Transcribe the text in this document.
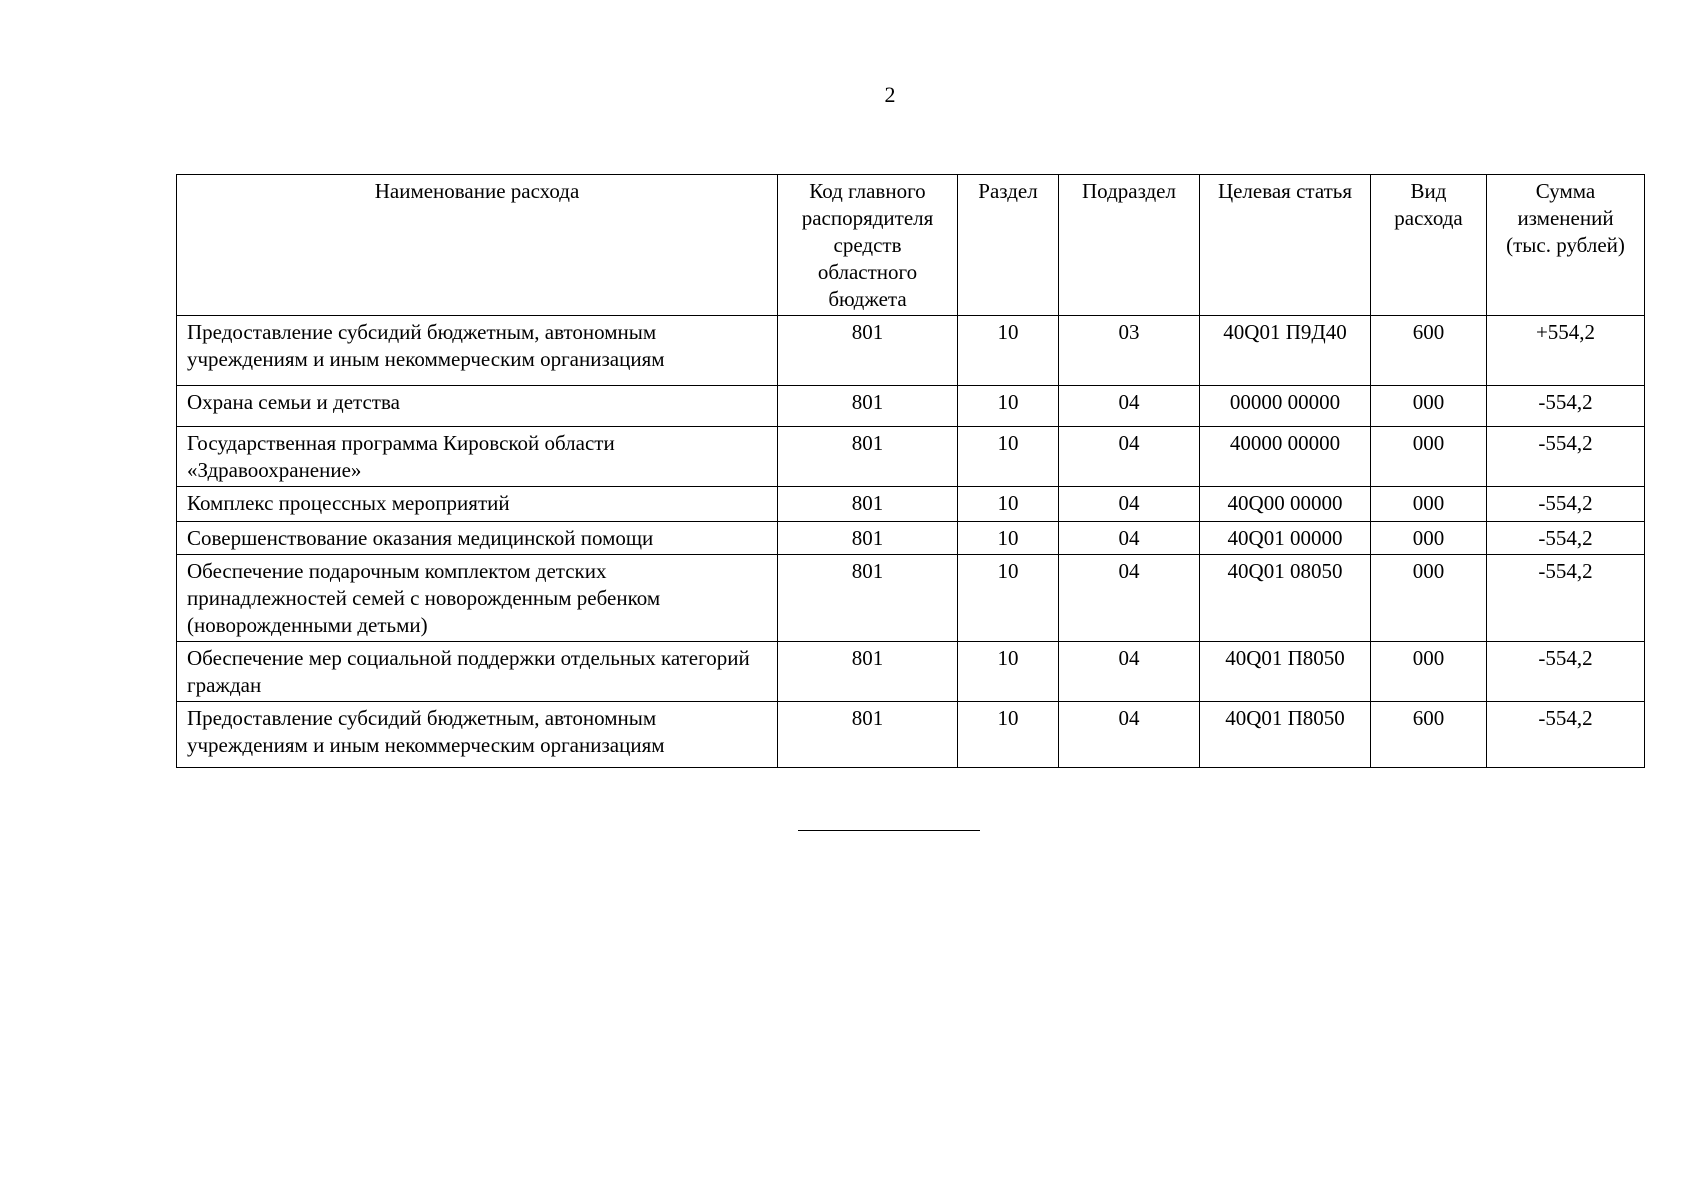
2
Наименование расхода	Код главного распорядителя средств областного бюджета	Раздел	Подраздел	Целевая статья	Вид расхода	Сумма изменений (тыс. рублей)
Предоставление субсидий бюджетным, автономным учреждениям и иным некоммерческим организациям	801	10	03	40Q01 П9Д40	600	+554,2
Охрана семьи и детства	801	10	04	00000 00000	000	-554,2
Государственная программа Кировской области «Здравоохранение»	801	10	04	40000 00000	000	-554,2
Комплекс процессных мероприятий	801	10	04	40Q00 00000	000	-554,2
Совершенствование оказания медицинской помощи	801	10	04	40Q01 00000	000	-554,2
Обеспечение подарочным комплектом детских принадлежностей семей с новорожденным ребенком (новорожденными детьми)	801	10	04	40Q01 08050	000	-554,2
Обеспечение мер социальной поддержки отдельных категорий граждан	801	10	04	40Q01 П8050	000	-554,2
Предоставление субсидий бюджетным, автономным учреждениям и иным некоммерческим организациям	801	10	04	40Q01 П8050	600	-554,2
